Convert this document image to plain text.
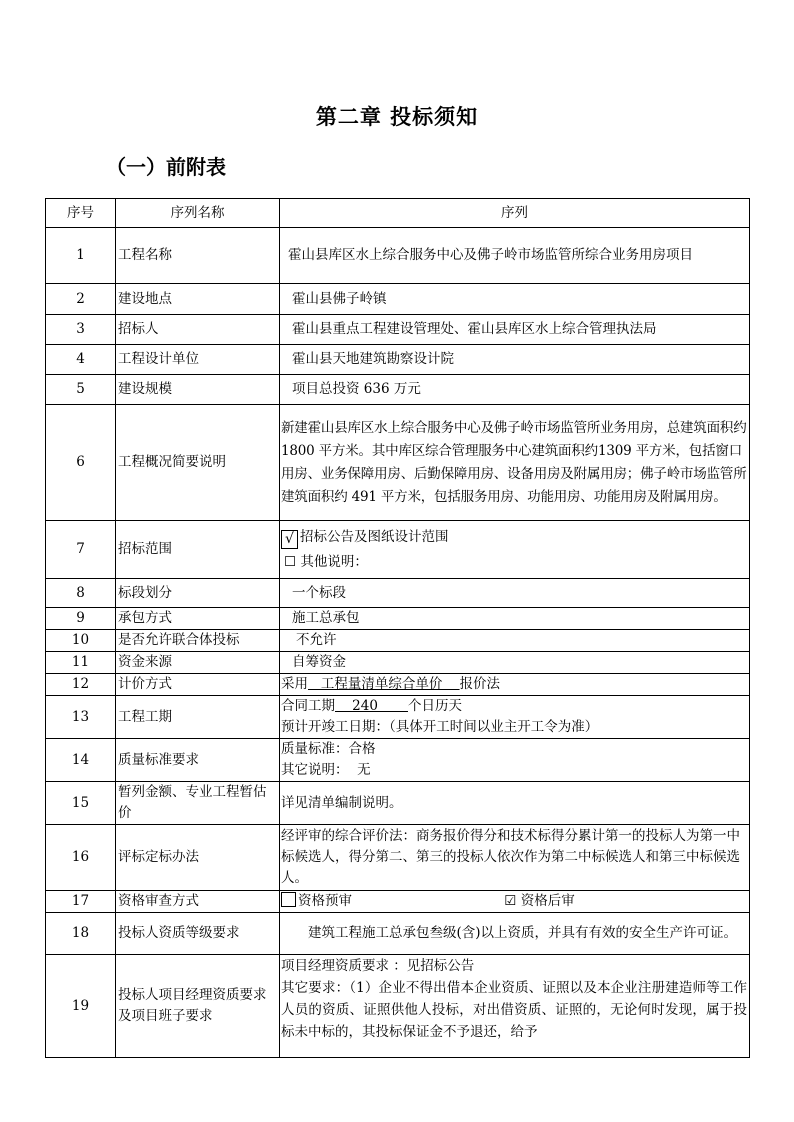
第二章 投标须知
（一）前附表
序号	序列名称	序列
1	工程名称	霍山县库区水上综合服务中心及佛子岭市场监管所综合业务用房项目
2	建设地点	霍山县佛子岭镇
3	招标人	霍山县重点工程建设管理处、霍山县库区水上综合管理执法局
4	工程设计单位	霍山县天地建筑勘察设计院
5	建设规模	项目总投资 636 万元
6	工程概况简要说明	新建霍山县库区水上综合服务中心及佛子岭市场监管所业务用房，总建筑面积约 1800 平方米。其中库区综合管理服务中心建筑面积约1309 平方米，包括窗口用房、业务保障用房、后勤保障用房、设备用房及附属用房；佛子岭市场监管所建筑面积约 491 平方米，包括服务用房、功能用房、功能用房及附属用房。
7	招标范围	√ 招标公告及图纸设计范围
☐ 其他说明：

8	标段划分	一个标段
9	承包方式	施工总承包
10	是否允许联合体投标	不允许
11	资金来源	自筹资金
12	计价方式	采用   工程量清单综合单价    报价法
13	工程工期	合同工期    240       个日历天
预计开竣工日期：（具体开工时间以业主开工令为准）

14	质量标准要求	质量标准：合格
其它说明：  无

15	暂列金额、专业工程暂估价	详见清单编制说明。
16	评标定标办法	经评审的综合评价法：商务报价得分和技术标得分累计第一的投标人为第一中标候选人，得分第二、第三的投标人依次作为第二中标候选人和第三中标候选人。
17	资格审查方式	资格预审 ☑ 资格后审
18	投标人资质等级要求	建筑工程施工总承包叁级(含)以上资质，并具有有效的安全生产许可证。
19	投标人项目经理资质要求及项目班子要求	项目经理资质要求 ：见招标公告
其它要求：（1）企业不得出借本企业资质、证照以及本企业注册建造师等工作人员的资质、证照供他人投标，对出借资质、证照的，无论何时发现，属于投标未中标的，其投标保证金不予退还，给予
